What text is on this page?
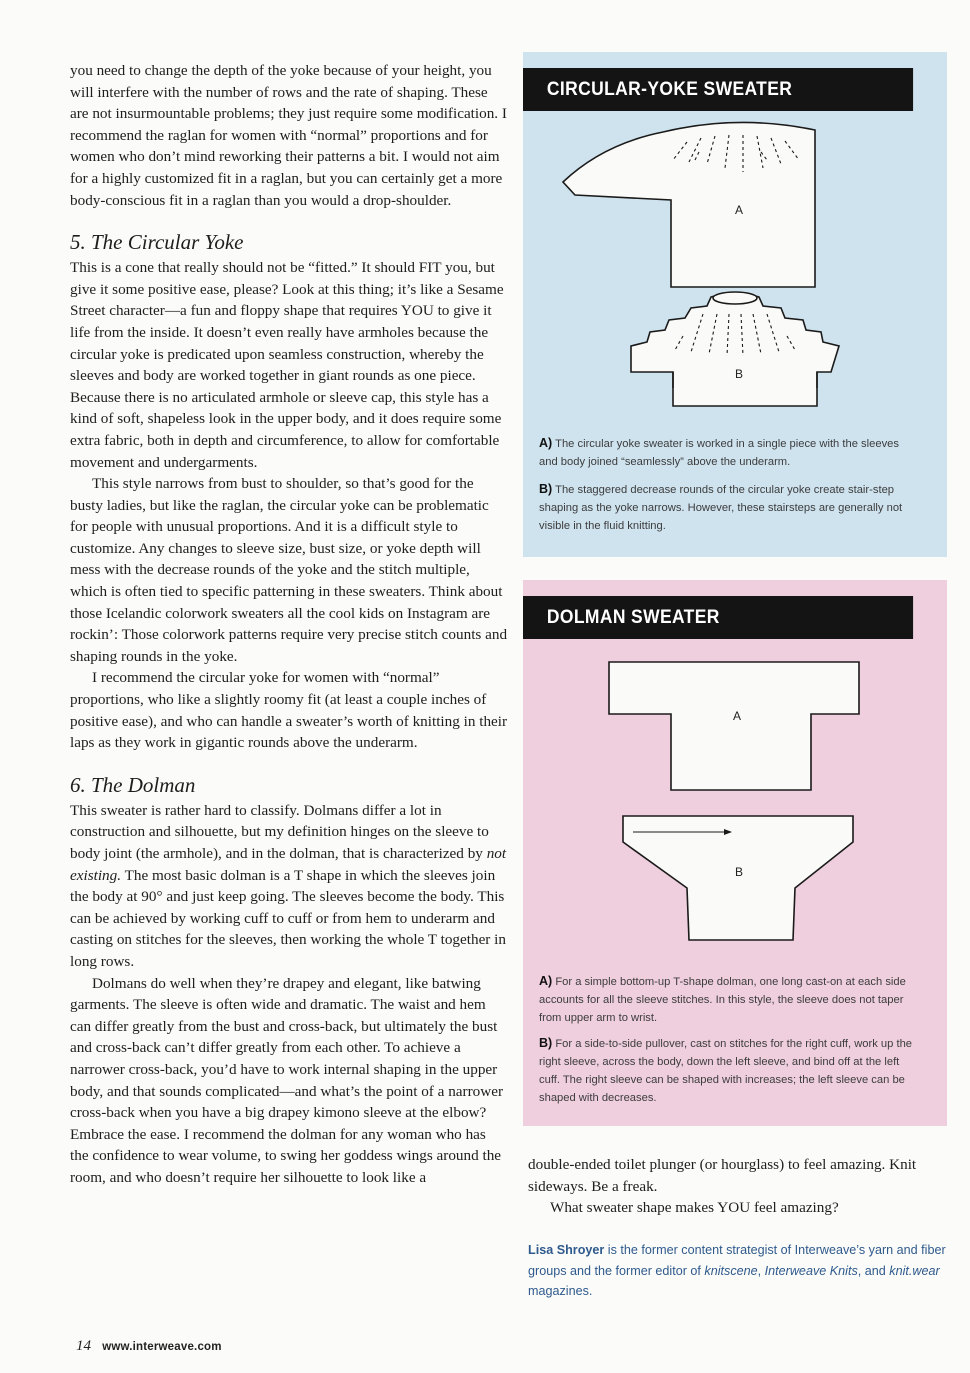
you need to change the depth of the yoke because of your height, you will interfere with the number of rows and the rate of shaping. These are not insurmountable problems; they just require some modification. I recommend the raglan for women with “normal” proportions and for women who don’t mind reworking their patterns a bit. I would not aim for a highly customized fit in a raglan, but you can certainly get a more body-conscious fit in a raglan than you would a drop-shoulder.

5. The Circular Yoke

This is a cone that really should not be “fitted.” It should FIT you, but give it some positive ease, please? Look at this thing; it’s like a Sesame Street character—a fun and floppy shape that requires YOU to give it life from the inside. It doesn’t even really have armholes because the circular yoke is predicated upon seamless construction, whereby the sleeves and body are worked together in giant rounds as one piece. Because there is no articulated armhole or sleeve cap, this style has a kind of soft, shapeless look in the upper body, and it does require some extra fabric, both in depth and circumference, to allow for comfortable movement and undergarments.

This style narrows from bust to shoulder, so that’s good for the busty ladies, but like the raglan, the circular yoke can be problematic for people with unusual proportions. And it is a difficult style to customize. Any changes to sleeve size, bust size, or yoke depth will mess with the decrease rounds of the yoke and the stitch multiple, which is often tied to specific patterning in these sweaters. Think about those Icelandic colorwork sweaters all the cool kids on Instagram are rockin’: Those colorwork patterns require very precise stitch counts and shaping rounds in the yoke.

I recommend the circular yoke for women with “normal” proportions, who like a slightly roomy fit (at least a couple inches of positive ease), and who can handle a sweater’s worth of knitting in their laps as they work in gigantic rounds above the underarm.

6. The Dolman

This sweater is rather hard to classify. Dolmans differ a lot in construction and silhouette, but my definition hinges on the sleeve to body joint (the armhole), and in the dolman, that is characterized by not existing. The most basic dolman is a T shape in which the sleeves join the body at 90° and just keep going. The sleeves become the body. This can be achieved by working cuff to cuff or from hem to underarm and casting on stitches for the sleeves, then working the whole T together in long rows.

Dolmans do well when they’re drapey and elegant, like batwing garments. The sleeve is often wide and dramatic. The waist and hem can differ greatly from the bust and cross-back, but ultimately the bust and cross-back can’t differ greatly from each other. To achieve a narrower cross-back, you’d have to work internal shaping in the upper body, and that sounds complicated—and what’s the point of a narrower cross-back when you have a big drapey kimono sleeve at the elbow? Embrace the ease. I recommend the dolman for any woman who has the confidence to wear volume, to swing her goddess wings around the room, and who doesn’t require her silhouette to look like a

CIRCULAR-YOKE SWEATER
A
B
A) The circular yoke sweater is worked in a single piece with the sleeves and body joined “seamlessly” above the underarm.
B) The staggered decrease rounds of the circular yoke create stair-step shaping as the yoke narrows. However, these stairsteps are generally not visible in the fluid knitting.
DOLMAN SWEATER
A
B
A) For a simple bottom-up T-shape dolman, one long cast-on at each side accounts for all the sleeve stitches. In this style, the sleeve does not taper from upper arm to wrist.
B) For a side-to-side pullover, cast on stitches for the right cuff, work up the right sleeve, across the body, down the left sleeve, and bind off at the left cuff. The right sleeve can be shaped with increases; the left sleeve can be shaped with decreases.

double-ended toilet plunger (or hourglass) to feel amazing. Knit sideways. Be a freak.

What sweater shape makes YOU feel amazing?

Lisa Shroyer is the former content strategist of Interweave’s yarn and fiber groups and the former editor of knitscene, Interweave Knits, and knit.wear magazines.
14 www.interweave.com
